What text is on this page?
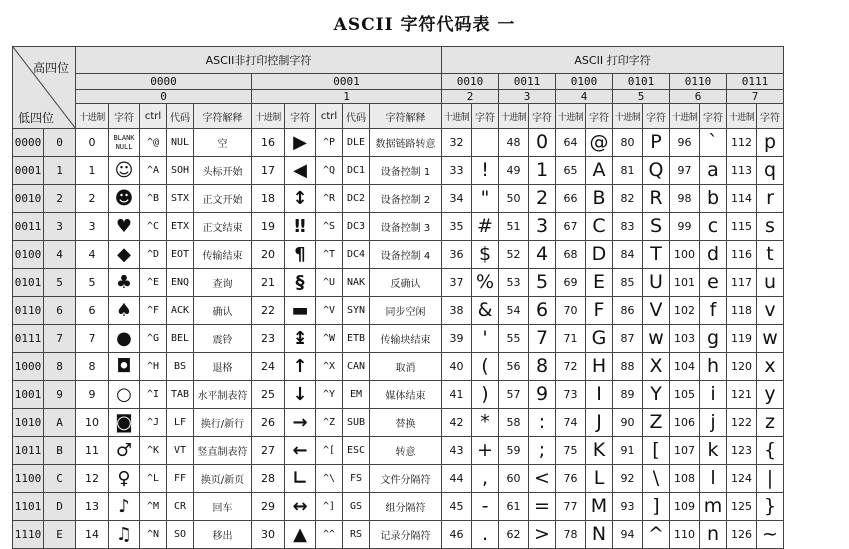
ASCII 字符代码表 一
高四位
低四位		ASCII非打印控制字符										ASCII 打印字符											
		0000					0001					0010		0011		0100		0101		0110		0111	
		0					1					2		3		4		5		6		7	
		十进制	字符	ctrl	代码	字符解释	十进制	字符	ctrl	代码	字符解释	十进制	字符	十进制	字符	十进制	字符	十进制	字符	十进制	字符	十进制	字符
0000	0	0	BLANK NULL	^@	NUL	空	16	▶	^P	DLE	数据链路转意	32		48	0	64	@	80	P	96	`	112	p
0001	1	1	☺	^A	SOH	头标开始	17	◀	^Q	DC1	设备控制 1	33	!	49	1	65	A	81	Q	97	a	113	q
0010	2	2	☻	^B	STX	正文开始	18	↕	^R	DC2	设备控制 2	34	"	50	2	66	B	82	R	98	b	114	r
0011	3	3	♥	^C	ETX	正文结束	19	‼	^S	DC3	设备控制 3	35	#	51	3	67	C	83	S	99	c	115	s
0100	4	4	◆	^D	EOT	传输结束	20	¶	^T	DC4	设备控制 4	36	$	52	4	68	D	84	T	100	d	116	t
0101	5	5	♣	^E	ENQ	查询	21	§	^U	NAK	反确认	37	%	53	5	69	E	85	U	101	e	117	u
0110	6	6	♠	^F	ACK	确认	22	▬	^V	SYN	同步空闲	38	&	54	6	70	F	86	V	102	f	118	v
0111	7	7	●	^G	BEL	震铃	23	↨	^W	ETB	传输块结束	39	'	55	7	71	G	87	w	103	g	119	w
1000	8	8	◘	^H	BS	退格	24	↑	^X	CAN	取消	40	(	56	8	72	H	88	X	104	h	120	x
1001	9	9	○	^I	TAB	水平制表符	25	↓	^Y	EM	媒体结束	41	)	57	9	73	I	89	Y	105	i	121	y
1010	A	10	◙	^J	LF	换行/新行	26	→	^Z	SUB	替换	42	*	58	:	74	J	90	Z	106	j	122	z
1011	B	11	♂	^K	VT	竖直制表符	27	←	^[	ESC	转意	43	+	59	;	75	K	91	[	107	k	123	{
1100	C	12	♀	^L	FF	换页/新页	28	∟	^\	FS	文件分隔符	44	,	60	<	76	L	92	\	108	l	124	|
1101	D	13	♪	^M	CR	回车	29	↔	^]	GS	组分隔符	45	-	61	=	77	M	93	]	109	m	125	}
1110	E	14	♫	^N	SO	移出	30	▲	^^	RS	记录分隔符	46	.	62	>	78	N	94	^	110	n	126	~
